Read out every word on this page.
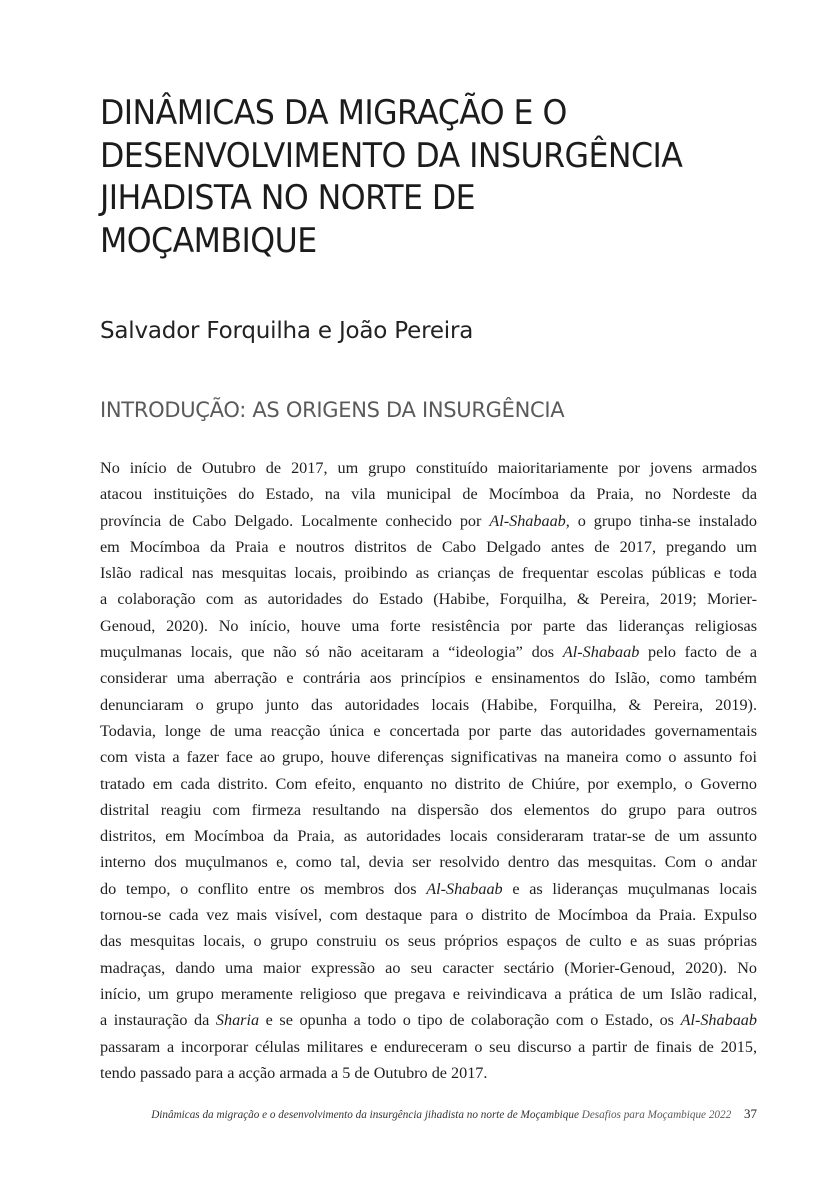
DINÂMICAS DA MIGRAÇÃO E O
DESENVOLVIMENTO DA INSURGÊNCIA
JIHADISTA NO NORTE DE
MOÇAMBIQUE

Salvador Forquilha e João Pereira

INTRODUÇÃO: AS ORIGENS DA INSURGÊNCIA
No início de Outubro de 2017, um grupo constituído maioritariamente por jovens armados
atacou instituições do Estado, na vila municipal de Mocímboa da Praia, no Nordeste da
província de Cabo Delgado. Localmente conhecido por Al-Shabaab, o grupo tinha-se instalado
em Mocímboa da Praia e noutros distritos de Cabo Delgado antes de 2017, pregando um
Islão radical nas mesquitas locais, proibindo as crianças de frequentar escolas públicas e toda
a colaboração com as autoridades do Estado (Habibe, Forquilha, & Pereira, 2019; Morier-
Genoud, 2020). No início, houve uma forte resistência por parte das lideranças religiosas
muçulmanas locais, que não só não aceitaram a “ideologia” dos Al-Shabaab pelo facto de a
considerar uma aberração e contrária aos princípios e ensinamentos do Islão, como também
denunciaram o grupo junto das autoridades locais (Habibe, Forquilha, & Pereira, 2019).
Todavia, longe de uma reacção única e concertada por parte das autoridades governamentais
com vista a fazer face ao grupo, houve diferenças significativas na maneira como o assunto foi
tratado em cada distrito. Com efeito, enquanto no distrito de Chiúre, por exemplo, o Governo
distrital reagiu com firmeza resultando na dispersão dos elementos do grupo para outros
distritos, em Mocímboa da Praia, as autoridades locais consideraram tratar-se de um assunto
interno dos muçulmanos e, como tal, devia ser resolvido dentro das mesquitas. Com o andar
do tempo, o conflito entre os membros dos Al-Shabaab e as lideranças muçulmanas locais
tornou-se cada vez mais visível, com destaque para o distrito de Mocímboa da Praia. Expulso
das mesquitas locais, o grupo construiu os seus próprios espaços de culto e as suas próprias
madraças, dando uma maior expressão ao seu caracter sectário (Morier-Genoud, 2020). No
início, um grupo meramente religioso que pregava e reivindicava a prática de um Islão radical,
a instauração da Sharia e se opunha a todo o tipo de colaboração com o Estado, os Al-Shabaab
passaram a incorporar células militares e endureceram o seu discurso a partir de finais de 2015,
tendo passado para a acção armada a 5 de Outubro de 2017.
Dinâmicas da migração e o desenvolvimento da insurgência jihadista no norte de Moçambique Desafios para Moçambique 2022 37
